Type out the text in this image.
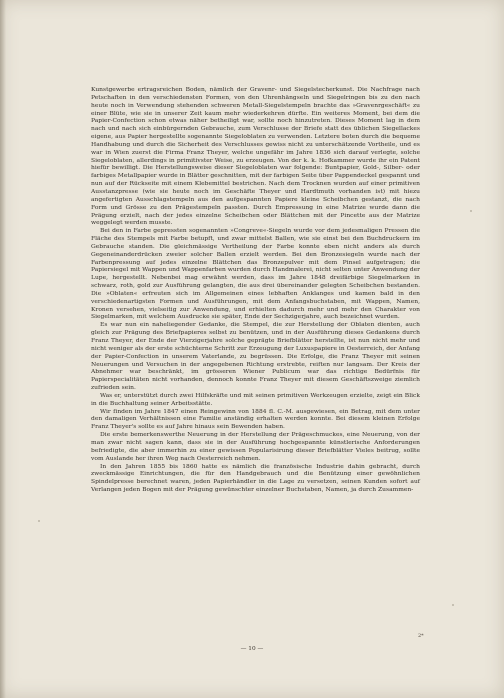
Kunstgewerbe ertragsreichen Boden, nämlich der Gravenr- und Siegelstecherkunst. Die Nachfrage nach Petschaften in den verschiedensten Formen, von den Uhrenhängseln und Siegelringen bis zu den nach heute noch in Verwendung stehenden schweren Metall-Siegelstempeln brachte das »Gravenrgeschäft« zu einer Blüte, wie sie in unserer Zeit kaum mehr wiederkehren dürfte. Ein weiteres Moment, bei dem die Papier-Confection schon etwas näher betheiligt war, sollte noch hinzutreten. Dieses Moment lag in dem nach und nach sich einbürgernden Gebrauche, zum Verschlusse der Briefe statt des üblichen Siegellackes eigene, aus Papier hergestellte sogenannte Siegeloblaten zu verwenden. Letztere boten durch die bequeme Handhabung und durch die Sicherheit des Verschlusses gewiss nicht zu unterschätzende Vortheile, und es war in Wien zuerst die Firma Franz Theyer, welche ungefähr im Jahre 1836 sich darauf verlegte, solche Siegeloblaten, allerdings in primitivster Weise, zu erzeugen. Von der k. k. Hofkammer wurde ihr ein Patent hiefür bewilligt. Die Herstellungsweise dieser Siegeloblaten war folgende: Buntpapier, Gold-, Silber- oder farbiges Metallpapier wurde in Blätter geschnitten, mit der farbigen Seite über Pappendeckel gespannt und nun auf der Rückseite mit einem Klebemittel bestrichen. Nach dem Trocknen wurden auf einer primitiven Ausstanzpresse (wie sie heute noch im Geschäfte Theyer und Hardtmuth vorhanden ist) mit hiezu angefertigten Ausschlagstempeln aus den aufgespannten Papiere kleine Scheibchen gestanzt, die nach Form und Grösse zu den Prägestempeln passten. Durch Empressung in eine Matrize wurde dann die Prägung erzielt, nach der jedes einzelne Scheibchen oder Blättchen mit der Pincette aus der Matrize weggelegt werden musste.

Bei den in Farbe gepressten sogenannten »Congreve«-Siegeln wurde vor dem jedesmaligen Pressen die Fläche des Stempels mit Farbe betupft, und zwar mittelst Ballen, wie sie einst bei den Buchdruckern im Gebrauche standen. Die gleichmässige Vertheilung der Farbe konnte eben nicht anders als durch Gegeneinanderdrücken zweier solcher Ballen erzielt werden. Bei den Bronzesiegeln wurde nach der Farbenpressung auf jedes einzelne Blättchen das Bronzepulver mit dem Pinsel aufgetragen; die Papiersiegel mit Wappen und Wappenfarben wurden durch Handmalerei, nicht selten unter Anwendung der Lupe, hergestellt. Nebenbei mag erwähnt werden, dass im Jahre 1848 dreifärbige Siegelmarken in schwarz, roth, gold zur Ausführung gelangten, die aus drei übereinander gelegten Scheibchen bestanden. Die »Oblaten« erfreuten sich im Allgemeinen eines lebhaften Anklanges und kamen bald in den verschiedenartigsten Formen und Ausführungen, mit dem Anfangsbuchstaben, mit Wappen, Namen, Kronen versehen, vielseitig zur Anwendung, und erhielten dadurch mehr und mehr den Charakter von Siegelmarken, mit welchem Ausdrucke sie später, Ende der Sechzigerjahre, auch bezeichnet wurden.

Es war nun ein naheliegender Gedanke, die Stempel, die zur Herstellung der Oblaten dienten, auch gleich zur Prägung des Briefpapieres selbst zu benützen, und in der Ausführung dieses Gedankens durch Franz Theyer, der Ende der Vierzigerjahre solche geprägte Briefblätter herstellte, ist nun nicht mehr und nicht weniger als der erste schüchterne Schritt zur Erzeugung der Luxuspapiere in Oesterreich, der Anfang der Papier-Confection in unserem Vaterlande, zu begrüssen. Die Erfolge, die Franz Theyer mit seinen Neuerungen und Versuchen in der angegebenen Richtung erstrebte, reiften nur langsam. Der Kreis der Abnehmer war beschränkt, im grösseren Wiener Publicum war das richtige Bedürfnis für Papierspecialitäten nicht vorhanden, dennoch konnte Franz Theyer mit diesem Geschäftszweige ziemlich zufrieden sein.

Was er, unterstützt durch zwei Hilfskräfte und mit seinen primitiven Werkzeugen erzielte, zeigt ein Blick in die Buchhaltung seiner Arbeitsstätte.

Wir finden im Jahre 1847 einen Reingewinn von 1884 fl. C.-M. ausgewiesen, ein Betrag, mit dem unter den damaligen Verhältnissen eine Familie anständig erhalten werden konnte. Bei diesem kleinen Erfolge Franz Theyer's sollte es auf Jahre hinaus sein Bewenden haben.

Die erste bemerkenswerthe Neuerung in der Herstellung der Prägeschmuckes, eine Neuerung, von der man zwar nicht sagen kann, dass sie in der Ausführung hochgespannte künstlerische Anforderungen befriedigte, die aber immerhin zu einer gewissen Popularisirung dieser Briefblätter Vieles beitrug, sollte vom Auslande her ihren Weg nach Oesterreich nehmen.

In den Jahren 1855 bis 1860 hatte es nämlich die französische Industrie dahin gebracht, durch zweckmässige Einrichtungen, die für den Handgebrauch und die Benützung einer gewöhnlichen Spindelpresse berechnet waren, jeden Papierhändler in die Lage zu versetzen, seinen Kunden sofort auf Verlangen jeden Bogen mit der Prägung gewünschter einzelner Buchstaben, Namen, ja durch Zusammen-

— 10 —
2*
